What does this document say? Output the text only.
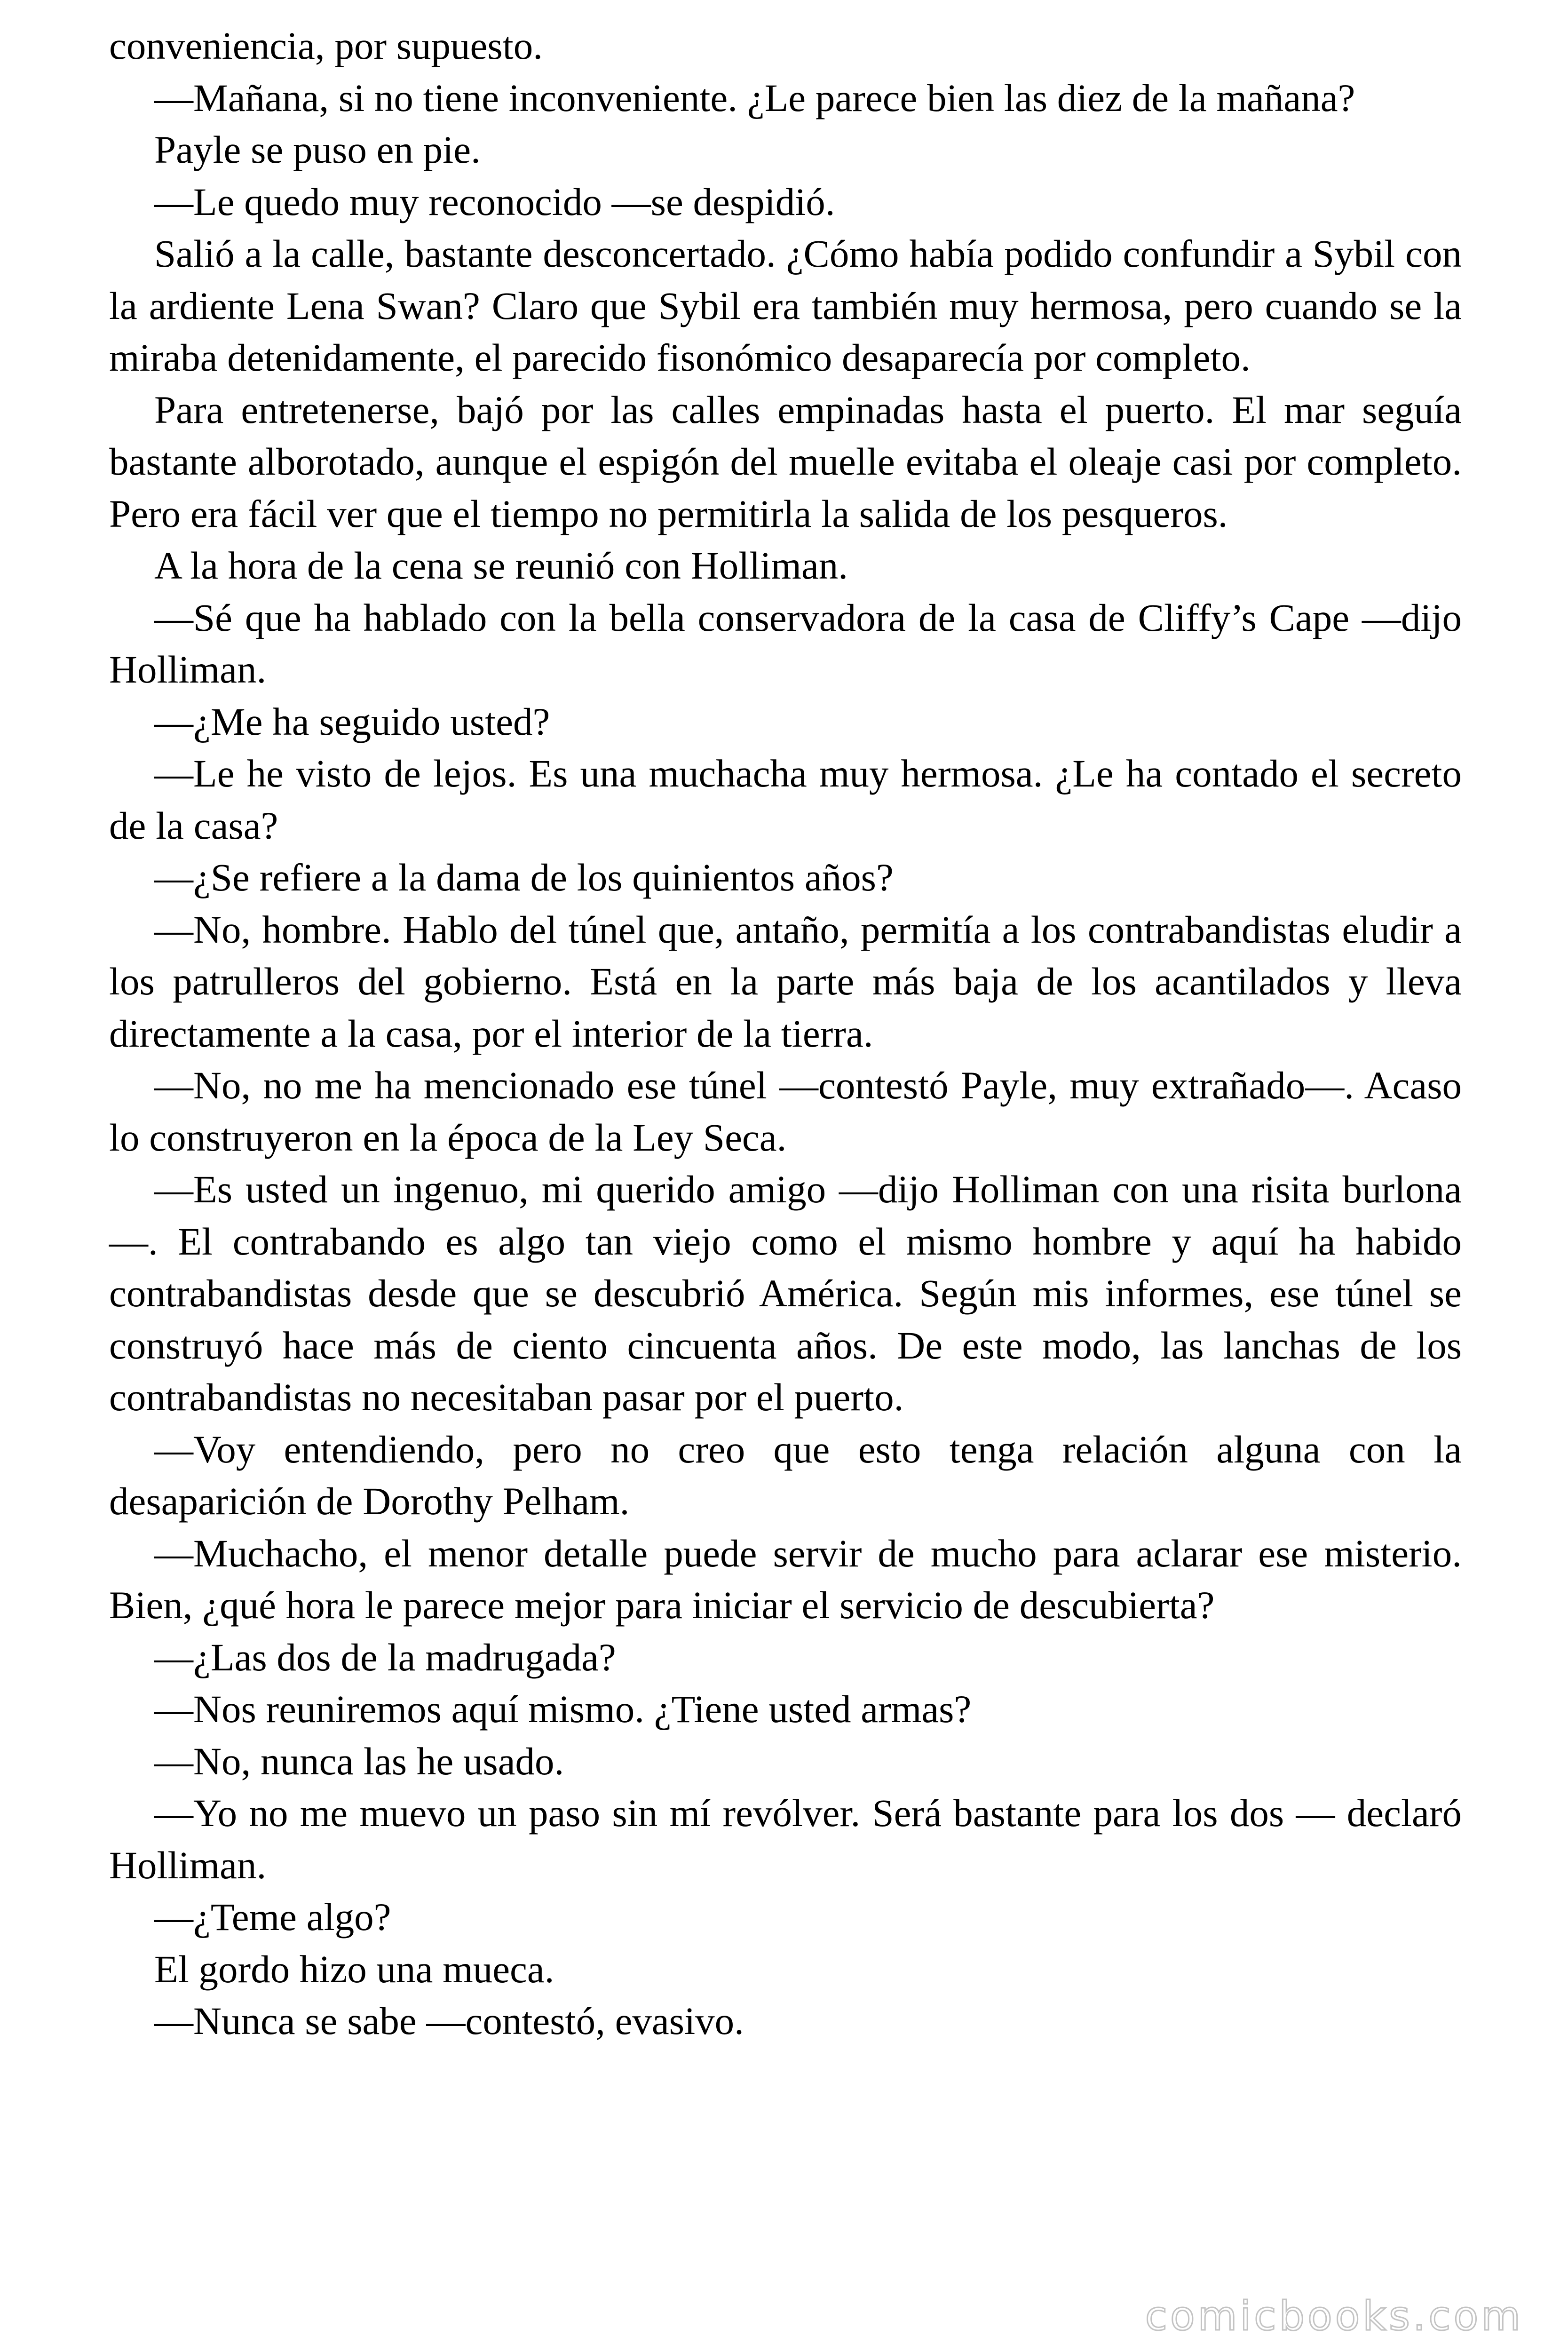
conveniencia, por supuesto.

—Mañana, si no tiene inconveniente. ¿Le parece bien las diez de la mañana?

Payle se puso en pie.

—Le quedo muy reconocido —se despidió.

Salió a la calle, bastante desconcertado. ¿Cómo había podido confundir a Sybil con la ardiente Lena Swan? Claro que Sybil era también muy hermosa, pero cuando se la miraba detenidamente, el parecido fisonómico desaparecía por completo.

Para entretenerse, bajó por las calles empinadas hasta el puerto. El mar seguía bastante alborotado, aunque el espigón del muelle evitaba el oleaje casi por completo. Pero era fácil ver que el tiempo no permitirla la salida de los pesqueros.

A la hora de la cena se reunió con Holliman.

—Sé que ha hablado con la bella conservadora de la casa de Cliffy’s Cape —dijo Holliman.

—¿Me ha seguido usted?

—Le he visto de lejos. Es una muchacha muy hermosa. ¿Le ha contado el secreto de la casa?

—¿Se refiere a la dama de los quinientos años?

—No, hombre. Hablo del túnel que, antaño, permitía a los contrabandistas eludir a los patrulleros del gobierno. Está en la parte más baja de los acantilados y lleva directamente a la casa, por el interior de la tierra.

—No, no me ha mencionado ese túnel —contestó Payle, muy extrañado—. Acaso lo construyeron en la época de la Ley Seca.

—Es usted un ingenuo, mi querido amigo —dijo Holliman con una risita burlona—. El contrabando es algo tan viejo como el mismo hombre y aquí ha habido contrabandistas desde que se descubrió América. Según mis informes, ese túnel se construyó hace más de ciento cincuenta años. De este modo, las lanchas de los contrabandistas no necesitaban pasar por el puerto.

—Voy entendiendo, pero no creo que esto tenga relación alguna con la desaparición de Dorothy Pelham.

—Muchacho, el menor detalle puede servir de mucho para aclarar ese misterio. Bien, ¿qué hora le parece mejor para iniciar el servicio de descubierta?

—¿Las dos de la madrugada?

—Nos reuniremos aquí mismo. ¿Tiene usted armas?

—No, nunca las he usado.

—Yo no me muevo un paso sin mí revólver. Será bastante para los dos — declaró Holliman.

—¿Teme algo?

El gordo hizo una mueca.

—Nunca se sabe —contestó, evasivo.

comicbooks.com
